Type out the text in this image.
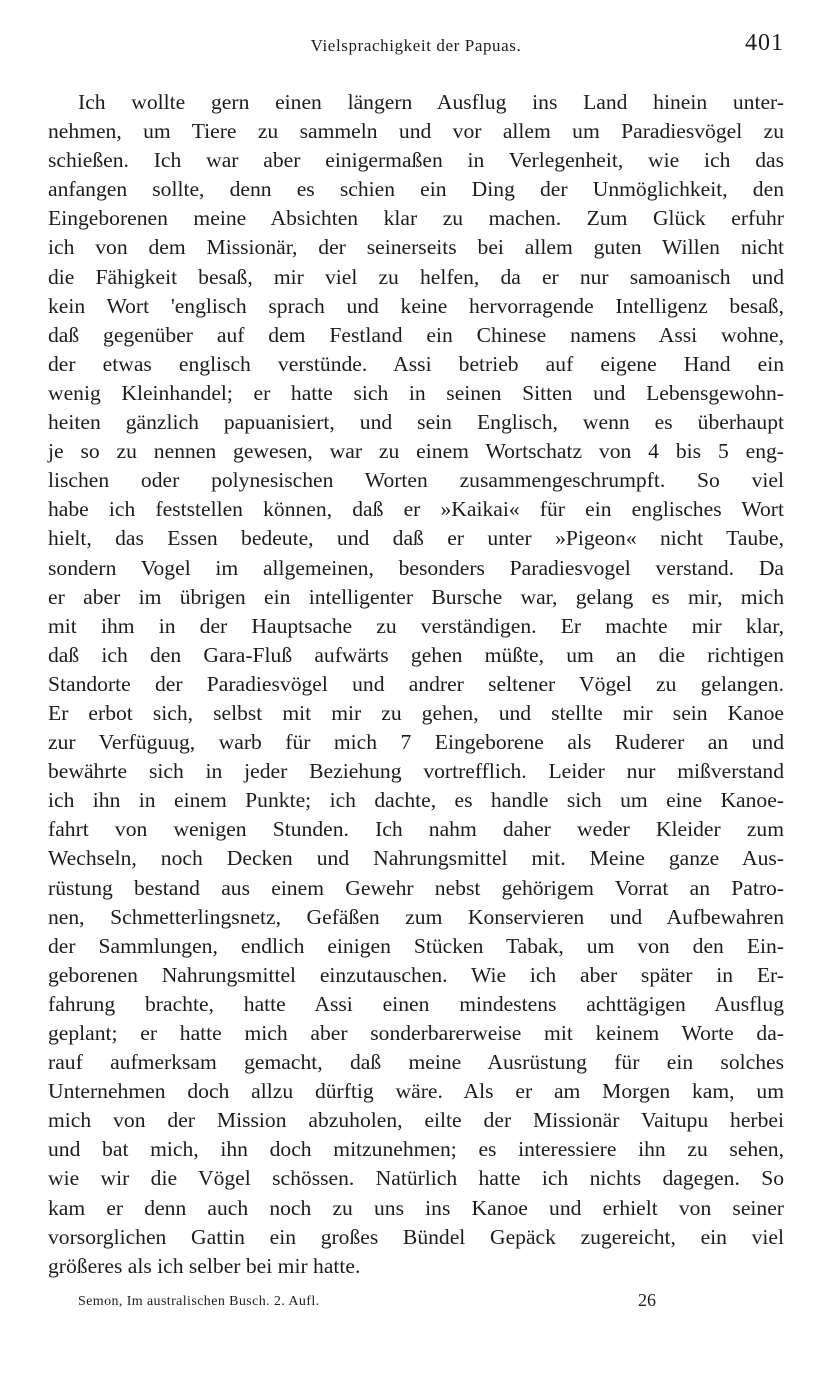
Vielsprachigkeit der Papuas.	401
Ich wollte gern einen längern Ausflug ins Land hinein unter-
nehmen, um Tiere zu sammeln und vor allem um Paradiesvögel zu
schießen. Ich war aber einigermaßen in Verlegenheit, wie ich das
anfangen sollte, denn es schien ein Ding der Unmöglichkeit, den
Eingeborenen meine Absichten klar zu machen. Zum Glück erfuhr
ich von dem Missionär, der seinerseits bei allem guten Willen nicht
die Fähigkeit besaß, mir viel zu helfen, da er nur samoanisch und
kein Wort 'englisch sprach und keine hervorragende Intelligenz besaß,
daß gegenüber auf dem Festland ein Chinese namens Assi wohne,
der etwas englisch verstünde. Assi betrieb auf eigene Hand ein
wenig Kleinhandel; er hatte sich in seinen Sitten und Lebensgewohn-
heiten gänzlich papuanisiert, und sein Englisch, wenn es überhaupt
je so zu nennen gewesen, war zu einem Wortschatz von 4 bis 5 eng-
lischen oder polynesischen Worten zusammengeschrumpft. So viel
habe ich feststellen können, daß er »Kaikai« für ein englisches Wort
hielt, das Essen bedeute, und daß er unter »Pigeon« nicht Taube,
sondern Vogel im allgemeinen, besonders Paradiesvogel verstand. Da
er aber im übrigen ein intelligenter Bursche war, gelang es mir, mich
mit ihm in der Hauptsache zu verständigen. Er machte mir klar,
daß ich den Gara-Fluß aufwärts gehen müßte, um an die richtigen
Standorte der Paradiesvögel und andrer seltener Vögel zu gelangen.
Er erbot sich, selbst mit mir zu gehen, und stellte mir sein Kanoe
zur Verfüguug, warb für mich 7 Eingeborene als Ruderer an und
bewährte sich in jeder Beziehung vortrefflich. Leider nur mißverstand
ich ihn in einem Punkte; ich dachte, es handle sich um eine Kanoe-
fahrt von wenigen Stunden. Ich nahm daher weder Kleider zum
Wechseln, noch Decken und Nahrungsmittel mit. Meine ganze Aus-
rüstung bestand aus einem Gewehr nebst gehörigem Vorrat an Patro-
nen, Schmetterlingsnetz, Gefäßen zum Konservieren und Aufbewahren
der Sammlungen, endlich einigen Stücken Tabak, um von den Ein-
geborenen Nahrungsmittel einzutauschen. Wie ich aber später in Er-
fahrung brachte, hatte Assi einen mindestens achttägigen Ausflug
geplant; er hatte mich aber sonderbarerweise mit keinem Worte da-
rauf aufmerksam gemacht, daß meine Ausrüstung für ein solches
Unternehmen doch allzu dürftig wäre. Als er am Morgen kam, um
mich von der Mission abzuholen, eilte der Missionär Vaitupu herbei
und bat mich, ihn doch mitzunehmen; es interessiere ihn zu sehen,
wie wir die Vögel schössen. Natürlich hatte ich nichts dagegen. So
kam er denn auch noch zu uns ins Kanoe und erhielt von seiner
vorsorglichen Gattin ein großes Bündel Gepäck zugereicht, ein viel
größeres als ich selber bei mir hatte.
Semon, Im australischen Busch. 2. Aufl.	26
